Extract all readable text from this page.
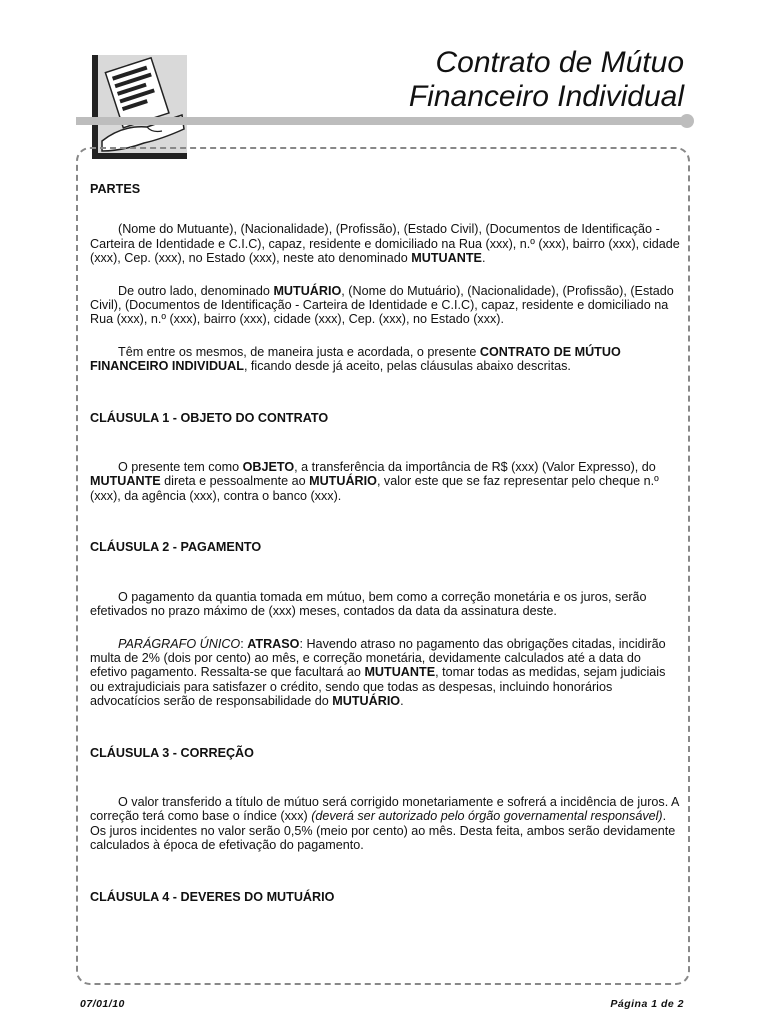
Contrato de Mútuo
Financeiro Individual

PARTES

(Nome do Mutuante), (Nacionalidade), (Profissão), (Estado Civil), (Documentos de Identificação - Carteira de Identidade e C.I.C), capaz, residente e domiciliado na Rua (xxx), n.º (xxx), bairro (xxx), cidade (xxx), Cep. (xxx), no Estado (xxx), neste ato denominado MUTUANTE.

De outro lado, denominado MUTUÁRIO, (Nome do Mutuário), (Nacionalidade), (Profissão), (Estado Civil), (Documentos de Identificação - Carteira de Identidade e C.I.C), capaz, residente e domiciliado na Rua (xxx), n.º (xxx), bairro (xxx), cidade (xxx), Cep. (xxx), no Estado (xxx).

Têm entre os mesmos, de maneira justa e acordada, o presente CONTRATO DE MÚTUO FINANCEIRO INDIVIDUAL, ficando desde já aceito, pelas cláusulas abaixo descritas.

CLÁUSULA 1 - OBJETO DO CONTRATO

O presente tem como OBJETO, a transferência da importância de R$ (xxx) (Valor Expresso), do MUTUANTE direta e pessoalmente ao MUTUÁRIO, valor este que se faz representar pelo cheque n.º (xxx), da agência (xxx), contra o banco (xxx).

CLÁUSULA 2 - PAGAMENTO

O pagamento da quantia tomada em mútuo, bem como a correção monetária e os juros, serão efetivados no prazo máximo de (xxx) meses, contados da data da assinatura deste.

PARÁGRAFO ÚNICO: ATRASO: Havendo atraso no pagamento das obrigações citadas, incidirão multa de 2% (dois por cento) ao mês, e correção monetária, devidamente calculados até a data do efetivo pagamento. Ressalta-se que facultará ao MUTUANTE, tomar todas as medidas, sejam judiciais ou extrajudiciais para satisfazer o crédito, sendo que todas as despesas, incluindo honorários advocatícios serão de responsabilidade do MUTUÁRIO.

CLÁUSULA 3 - CORREÇÃO

O valor transferido a título de mútuo será corrigido monetariamente e sofrerá a incidência de juros. A correção terá como base o índice (xxx) (deverá ser autorizado pelo órgão governamental responsável). Os juros incidentes no valor serão 0,5% (meio por cento) ao mês. Desta feita, ambos serão devidamente calculados à época de efetivação do pagamento.

CLÁUSULA 4 - DEVERES DO MUTUÁRIO

07/01/10	Página 1 de 2
